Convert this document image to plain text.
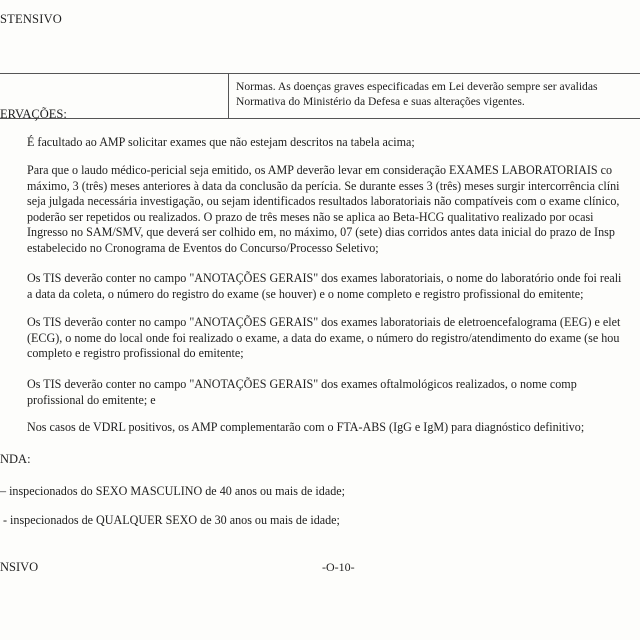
STENSIVO
Normas. As doenças graves especificadas em Lei deverão sempre ser avalidas
Normativa do Ministério da Defesa e suas alterações vigentes.
ERVAÇÕES:
É facultado ao AMP solicitar exames que não estejam descritos na tabela acima;
Para que o laudo médico-pericial seja emitido, os AMP deverão levar em consideração EXAMES LABORATORIAIS co
máximo, 3 (três) meses anteriores à data da conclusão da perícia. Se durante esses 3 (três) meses surgir intercorrência clíni
seja julgada necessária investigação, ou sejam identificados resultados laboratoriais não compatíveis com o exame clínico,
poderão ser repetidos ou realizados. O prazo de três meses não se aplica ao Beta-HCG qualitativo realizado por ocasi
Ingresso no SAM/SMV, que deverá ser colhido em, no máximo, 07 (sete) dias corridos antes data inicial do prazo de Insp
estabelecido no Cronograma de Eventos do Concurso/Processo Seletivo;
Os TIS deverão conter no campo "ANOTAÇÕES GERAIS" dos exames laboratoriais, o nome do laboratório onde foi reali
a data da coleta, o número do registro do exame (se houver) e o nome completo e registro profissional do emitente;
Os TIS deverão conter no campo "ANOTAÇÕES GERAIS" dos exames laboratoriais de eletroencefalograma (EEG) e elet
(ECG), o nome do local onde foi realizado o exame, a data do exame, o número do registro/atendimento do exame (se hou
completo e registro profissional do emitente;
Os TIS deverão conter no campo "ANOTAÇÕES GERAIS" dos exames oftalmológicos realizados, o nome comp
profissional do emitente; e
Nos casos de VDRL positivos, os AMP complementarão com o FTA-ABS (IgG e IgM) para diagnóstico definitivo;
NDA:
– inspecionados do SEXO MASCULINO de 40 anos ou mais de idade;
- inspecionados de QUALQUER SEXO de 30 anos ou mais de idade;
NSIVO	-O-10-
